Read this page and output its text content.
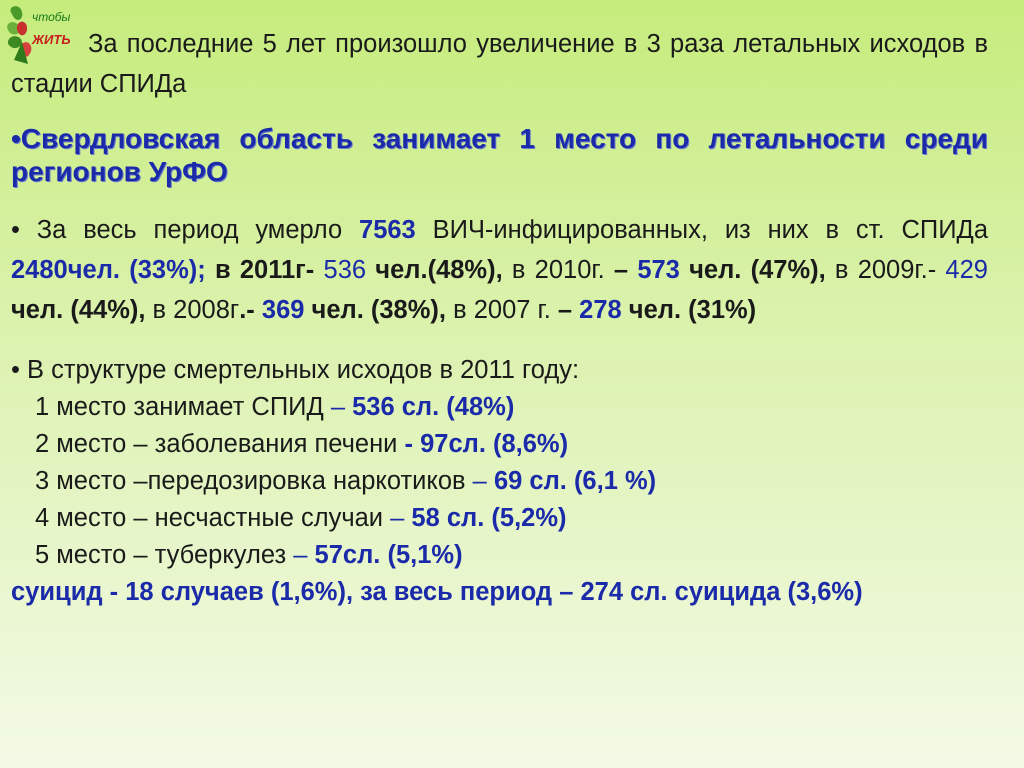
чтобы
ЖИТЬ За последние 5 лет произошло увеличение в 3 раза летальных исходов в стадии СПИДа

•Свердловская область занимает 1 место по летальности среди регионов УрФО

• За весь период умерло 7563 ВИЧ-инфицированных, из них в ст. СПИДа 2480чел. (33%); в 2011г- 536 чел.(48%), в 2010г. – 573 чел. (47%), в 2009г.- 429 чел. (44%), в 2008г.- 369 чел. (38%), в 2007 г. – 278 чел. (31%)

• В структуре смертельных исходов в 2011 году:

1 место занимает СПИД – 536 сл. (48%)

2 место – заболевания печени - 97сл. (8,6%)

3 место –передозировка наркотиков – 69 сл. (6,1 %)

4 место – несчастные случаи – 58 сл. (5,2%)

5 место – туберкулез – 57сл. (5,1%)

суицид - 18 случаев (1,6%), за весь период – 274 сл. суицида (3,6%)
